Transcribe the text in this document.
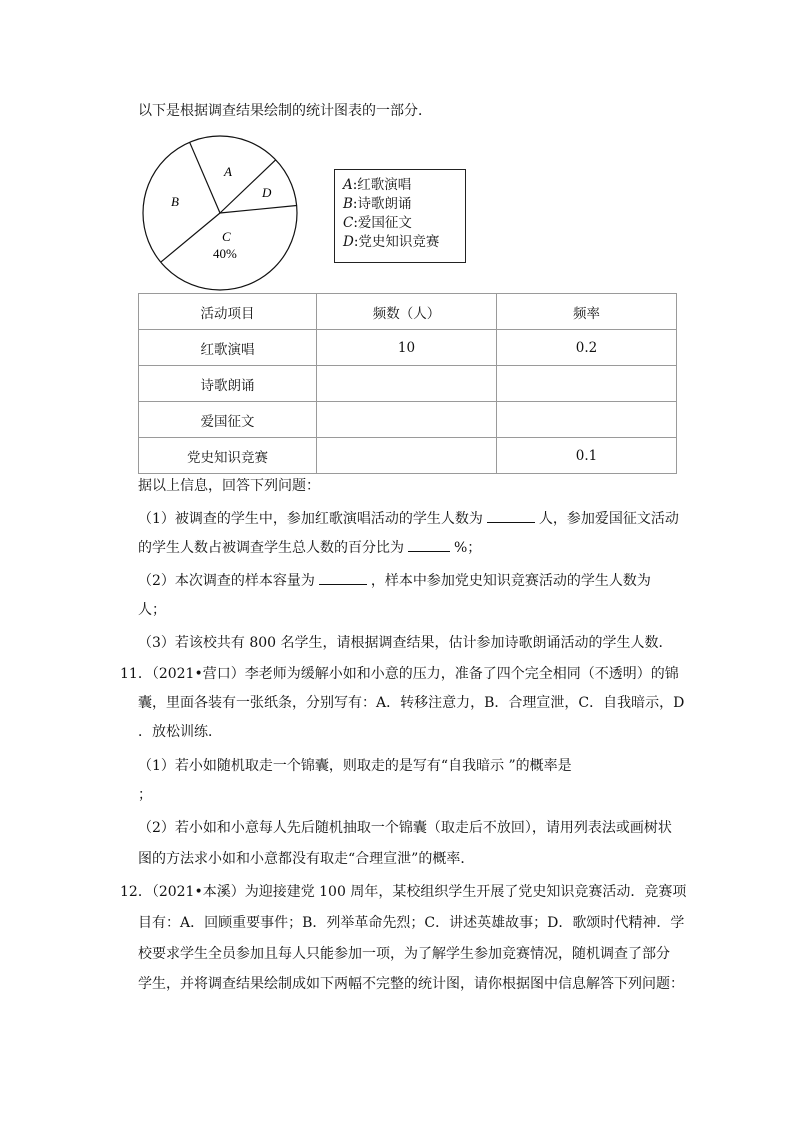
以下是根据调查结果绘制的统计图表的一部分．
A
B
C
D
40%
A:红歌演唱
B:诗歌朗诵
C:爱国征文
D:党史知识竞赛
活动项目	频数（人）	频率
红歌演唱	10	0.2
诗歌朗诵		
爱国征文		
党史知识竞赛		0.1
据以上信息，回答下列问题：
（1）被调查的学生中，参加红歌演唱活动的学生人数为	人，参加爱国征文活动
的学生人数占被调查学生总人数的百分比为	%；
（2）本次调查的样本容量为	，样本中参加党史知识竞赛活动的学生人数为
人；
（3）若该校共有 800 名学生，请根据调查结果，估计参加诗歌朗诵活动的学生人数．
11．（2021•营口）李老师为缓解小如和小意的压力，准备了四个完全相同（不透明）的锦
囊，里面各装有一张纸条，分别写有：A．转移注意力，B．合理宣泄，C．自我暗示，D
．放松训练．
（1）若小如随机取走一个锦囊，则取走的是写有“自我暗示 ”的概率是
；
（2）若小如和小意每人先后随机抽取一个锦囊（取走后不放回），请用列表法或画树状
图的方法求小如和小意都没有取走“合理宣泄”的概率．
12．（2021•本溪）为迎接建党 100 周年，某校组织学生开展了党史知识竞赛活动．竞赛项
目有：A．回顾重要事件；B．列举革命先烈；C．讲述英雄故事；D．歌颂时代精神．学
校要求学生全员参加且每人只能参加一项，为了解学生参加竞赛情况，随机调查了部分
学生，并将调查结果绘制成如下两幅不完整的统计图，请你根据图中信息解答下列问题：
